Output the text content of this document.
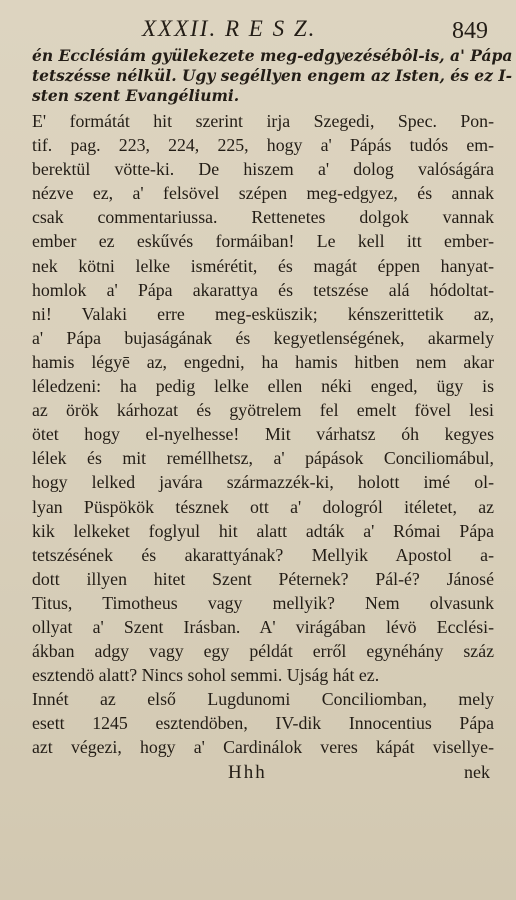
XXXII. R E S Z.	849
én Ecclésiám gyülekezete meg-edgyezésébôl-is, a' Pápa
tetszésse nélkül. Ugy segéllyen engem az Isten, és ez I-
sten szent Evangéliumi.
E' formátát hit szerint irja Szegedi, Spec. Pon-
tif. pag. 223, 224, 225, hogy a' Pápás tudós em-
berektül vötte-ki. De hiszem a' dolog valóságára
nézve ez, a' felsövel szépen meg-edgyez, és annak
csak commentariussa. Rettenetes dolgok vannak
ember ez eskűvés formáiban! Le kell itt ember-
nek kötni lelke ismérétit, és magát éppen hanyat-
homlok a' Pápa akarattya és tetszése alá hódoltat-
ni! Valaki erre meg-esküszik; kénszerittetik az,
a' Pápa bujaságának és kegyetlenségének, akarmely
hamis légyē az, engedni, ha hamis hitben nem akar
léledzeni: ha pedig lelke ellen néki enged, ügy is
az örök kárhozat és gyötrelem fel emelt fövel lesi
ötet hogy el-nyelhesse! Mit várhatsz óh kegyes
lélek és mit reméllhetsz, a' pápások Conciliomábul,
hogy lelked javára származzék-ki, holott imé ol-
lyan Püspökök tésznek ott a' dologról itéletet, az
kik lelkeket foglyul hit alatt adták a' Római Pápa
tetszésének és akarattyának? Mellyik Apostol a-
dott illyen hitet Szent Péternek? Pál-é? Jánosé
Titus, Timotheus vagy mellyik? Nem olvasunk
ollyat a' Szent Irásban. A' virágában lévö Ecclési-
ákban adgy vagy egy példát erről egynéhány száz
esztendö alatt? Nincs sohol semmi. Ujság hát ez.
Innét az első Lugdunomi Conciliomban, mely
esett 1245 esztendöben, IV-dik Innocentius Pápa
azt végezi, hogy a' Cardinálok veres kápát visellye-
Hhh	nek
